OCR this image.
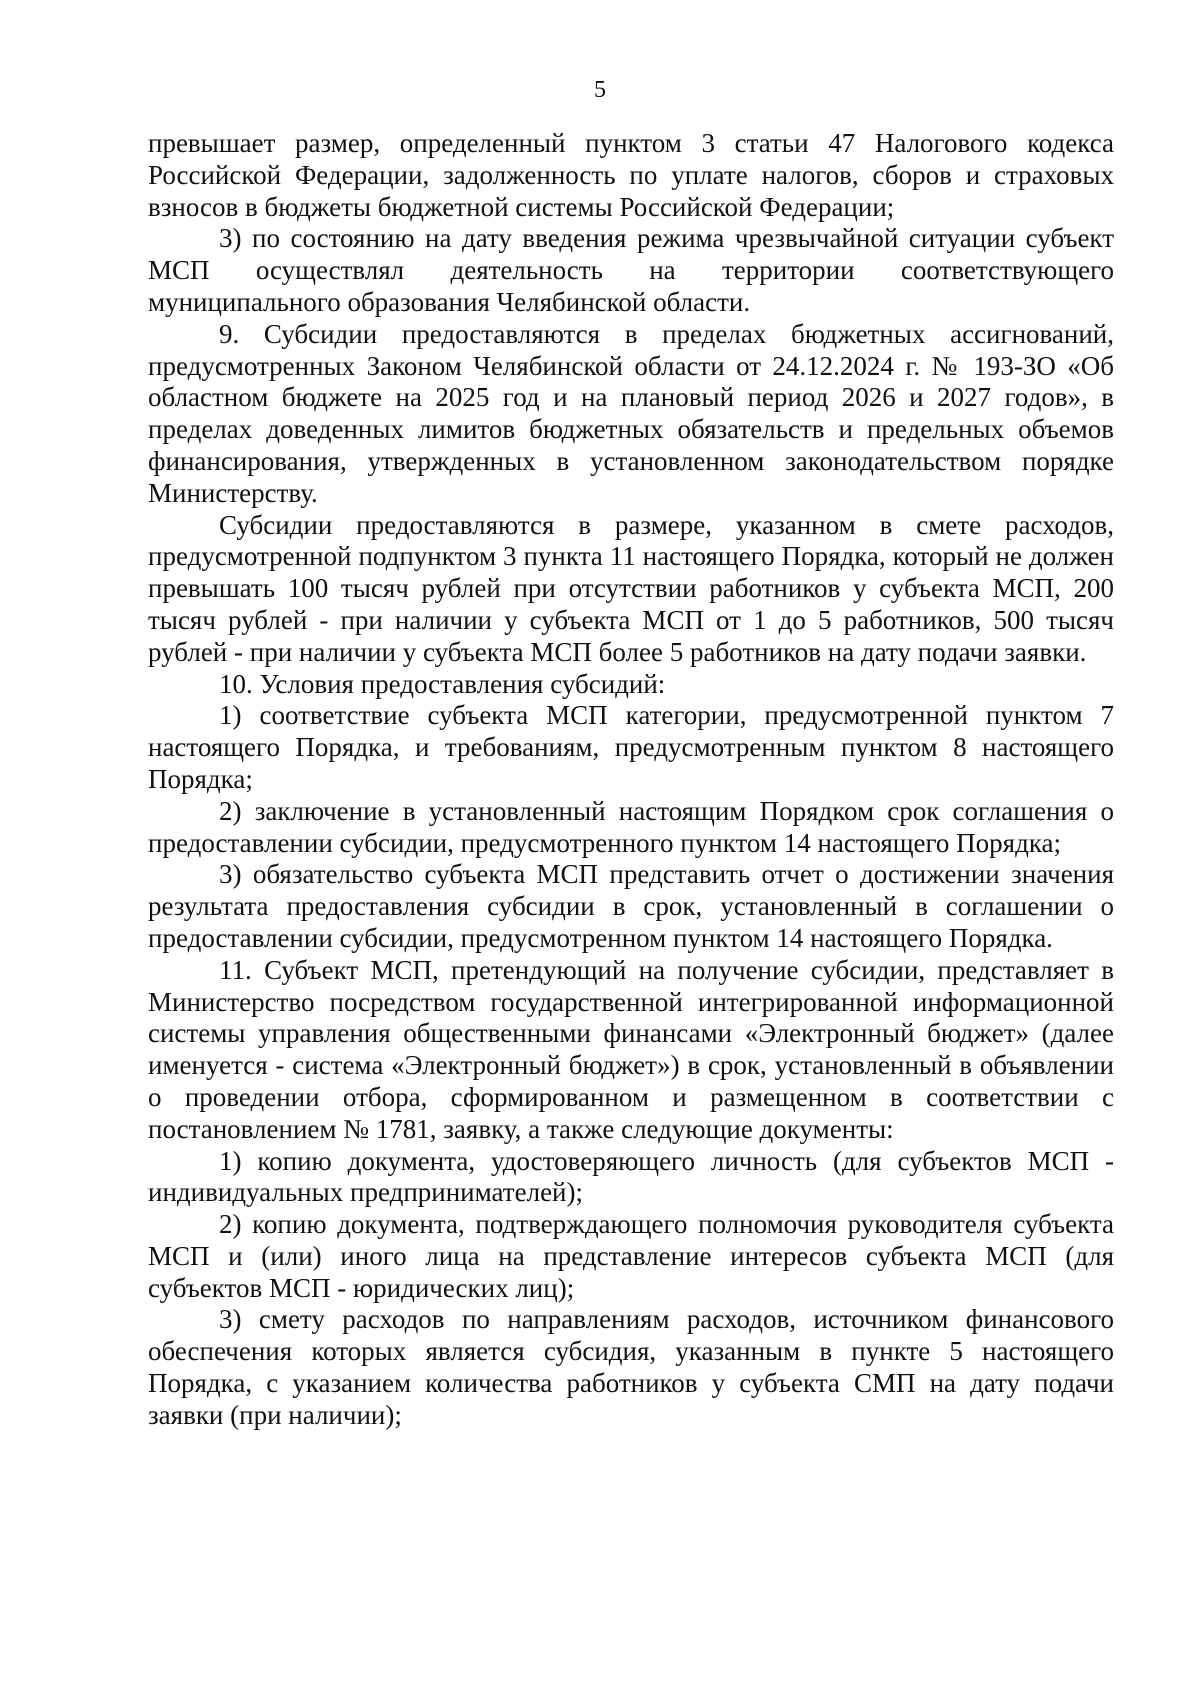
5

превышает размер, определенный пунктом 3 статьи 47 Налогового кодекса Российской Федерации, задолженность по уплате налогов, сборов и страховых взносов в бюджеты бюджетной системы Российской Федерации;

3) по состоянию на дату введения режима чрезвычайной ситуации субъект МСП осуществлял деятельность на территории соответствующего муниципального образования Челябинской области.

9. Субсидии предоставляются в пределах бюджетных ассигнований, предусмотренных Законом Челябинской области от 24.12.2024 г. № 193-ЗО «Об областном бюджете на 2025 год и на плановый период 2026 и 2027 годов», в пределах доведенных лимитов бюджетных обязательств и предельных объемов финансирования, утвержденных в установленном законодательством порядке Министерству.

Субсидии предоставляются в размере, указанном в смете расходов, предусмотренной подпунктом 3 пункта 11 настоящего Порядка, который не должен превышать 100 тысяч рублей при отсутствии работников у субъекта МСП, 200 тысяч рублей - при наличии у субъекта МСП от 1 до 5 работников, 500 тысяч рублей - при наличии у субъекта МСП более 5 работников на дату подачи заявки.

10. Условия предоставления субсидий:

1) соответствие субъекта МСП категории, предусмотренной пунктом 7 настоящего Порядка, и требованиям, предусмотренным пунктом 8 настоящего Порядка;

2) заключение в установленный настоящим Порядком срок соглашения о предоставлении субсидии, предусмотренного пунктом 14 настоящего Порядка;

3) обязательство субъекта МСП представить отчет о достижении значения результата предоставления субсидии в срок, установленный в соглашении о предоставлении субсидии, предусмотренном пунктом 14 настоящего Порядка.

11. Субъект МСП, претендующий на получение субсидии, представляет в Министерство посредством государственной интегрированной информационной системы управления общественными финансами «Электронный бюджет» (далее именуется - система «Электронный бюджет») в срок, установленный в объявлении о проведении отбора, сформированном и размещенном в соответствии с постановлением № 1781, заявку, а также следующие документы:

1) копию документа, удостоверяющего личность (для субъектов МСП - индивидуальных предпринимателей);

2) копию документа, подтверждающего полномочия руководителя субъекта МСП и (или) иного лица на представление интересов субъекта МСП (для субъектов МСП - юридических лиц);

3) смету расходов по направлениям расходов, источником финансового обеспечения которых является субсидия, указанным в пункте 5 настоящего Порядка, с указанием количества работников у субъекта СМП на дату подачи заявки (при наличии);
